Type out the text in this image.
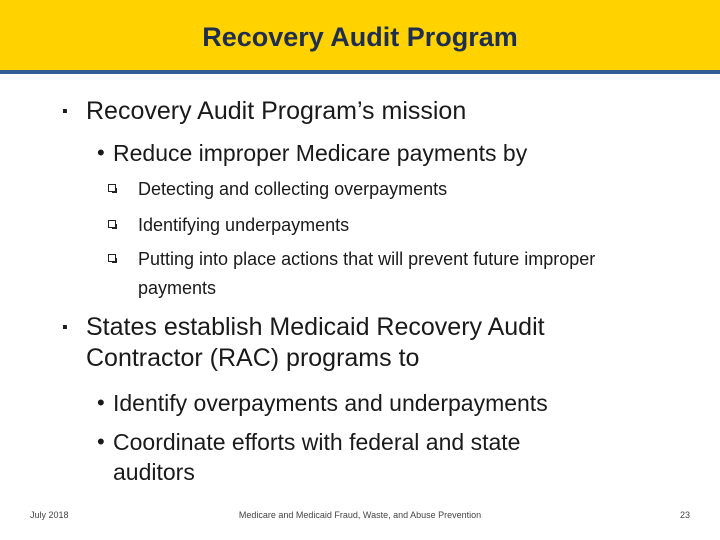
Recovery Audit Program
▪ Recovery Audit Program’s mission
• Reduce improper Medicare payments by
Detecting and collecting overpayments
Identifying underpayments
Putting into place actions that will prevent future improper payments
▪ States establish Medicaid Recovery Audit Contractor (RAC) programs to
• Identify overpayments and underpayments
• Coordinate efforts with federal and state auditors
July 2018	Medicare and Medicaid Fraud, Waste, and Abuse Prevention	23
